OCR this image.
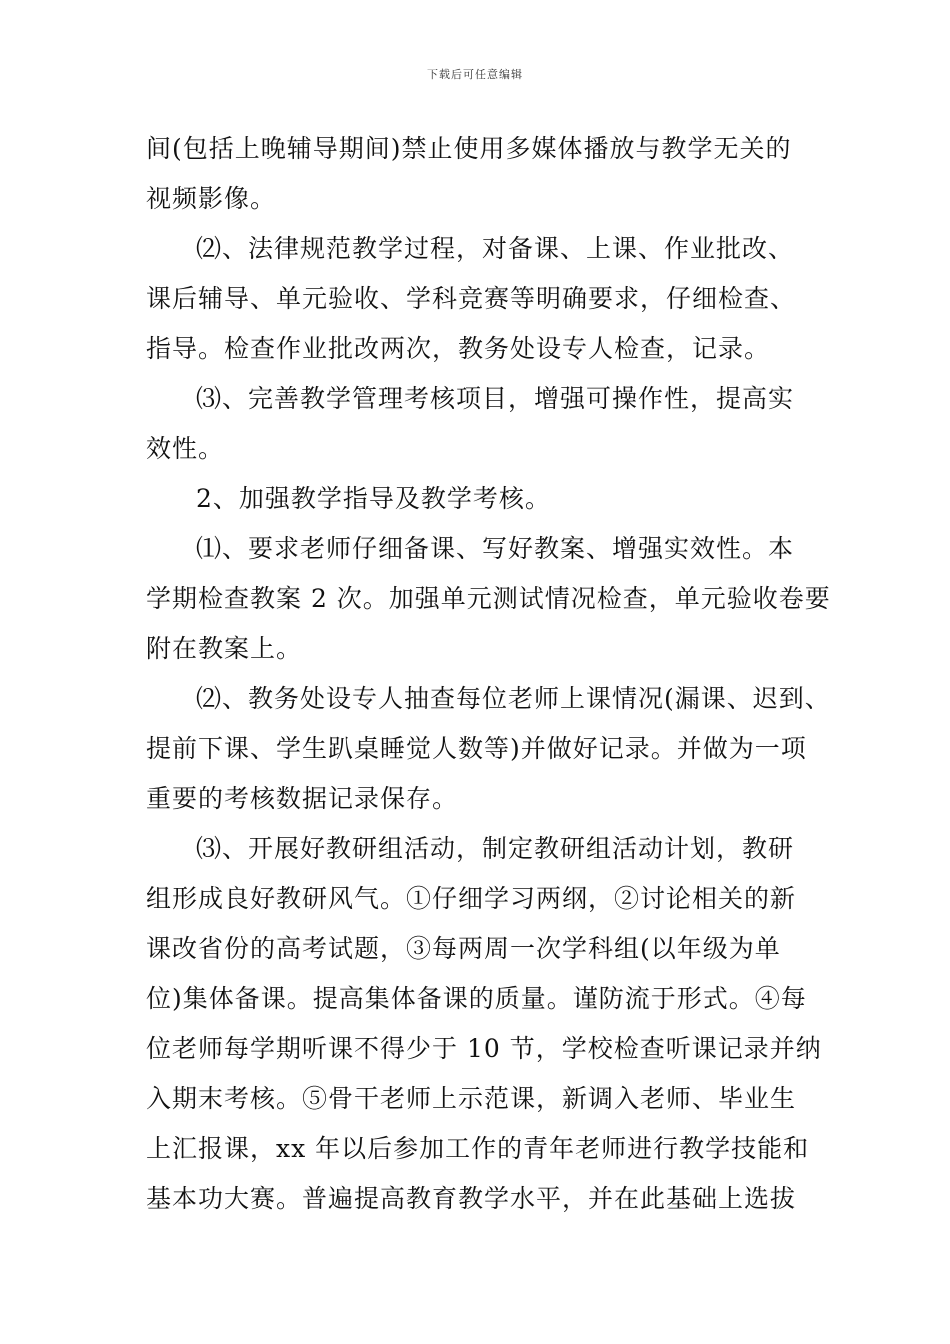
下载后可任意编辑
间(包括上晚辅导期间)禁止使用多媒体播放与教学无关的
视频影像。
⑵、法律规范教学过程，对备课、上课、作业批改、
课后辅导、单元验收、学科竞赛等明确要求，仔细检查、
指导。检查作业批改两次，教务处设专人检查，记录。
⑶、完善教学管理考核项目，增强可操作性，提高实
效性。
2、加强教学指导及教学考核。
⑴、要求老师仔细备课、写好教案、增强实效性。本
学期检查教案 2 次。加强单元测试情况检查，单元验收卷要
附在教案上。
⑵、教务处设专人抽查每位老师上课情况(漏课、迟到、
提前下课、学生趴桌睡觉人数等)并做好记录。并做为一项
重要的考核数据记录保存。
⑶、开展好教研组活动，制定教研组活动计划，教研
组形成良好教研风气。①仔细学习两纲，②讨论相关的新
课改省份的高考试题，③每两周一次学科组(以年级为单
位)集体备课。提高集体备课的质量。谨防流于形式。④每
位老师每学期听课不得少于 10 节，学校检查听课记录并纳
入期末考核。⑤骨干老师上示范课，新调入老师、毕业生
上汇报课，xx 年以后参加工作的青年老师进行教学技能和
基本功大赛。普遍提高教育教学水平，并在此基础上选拔
